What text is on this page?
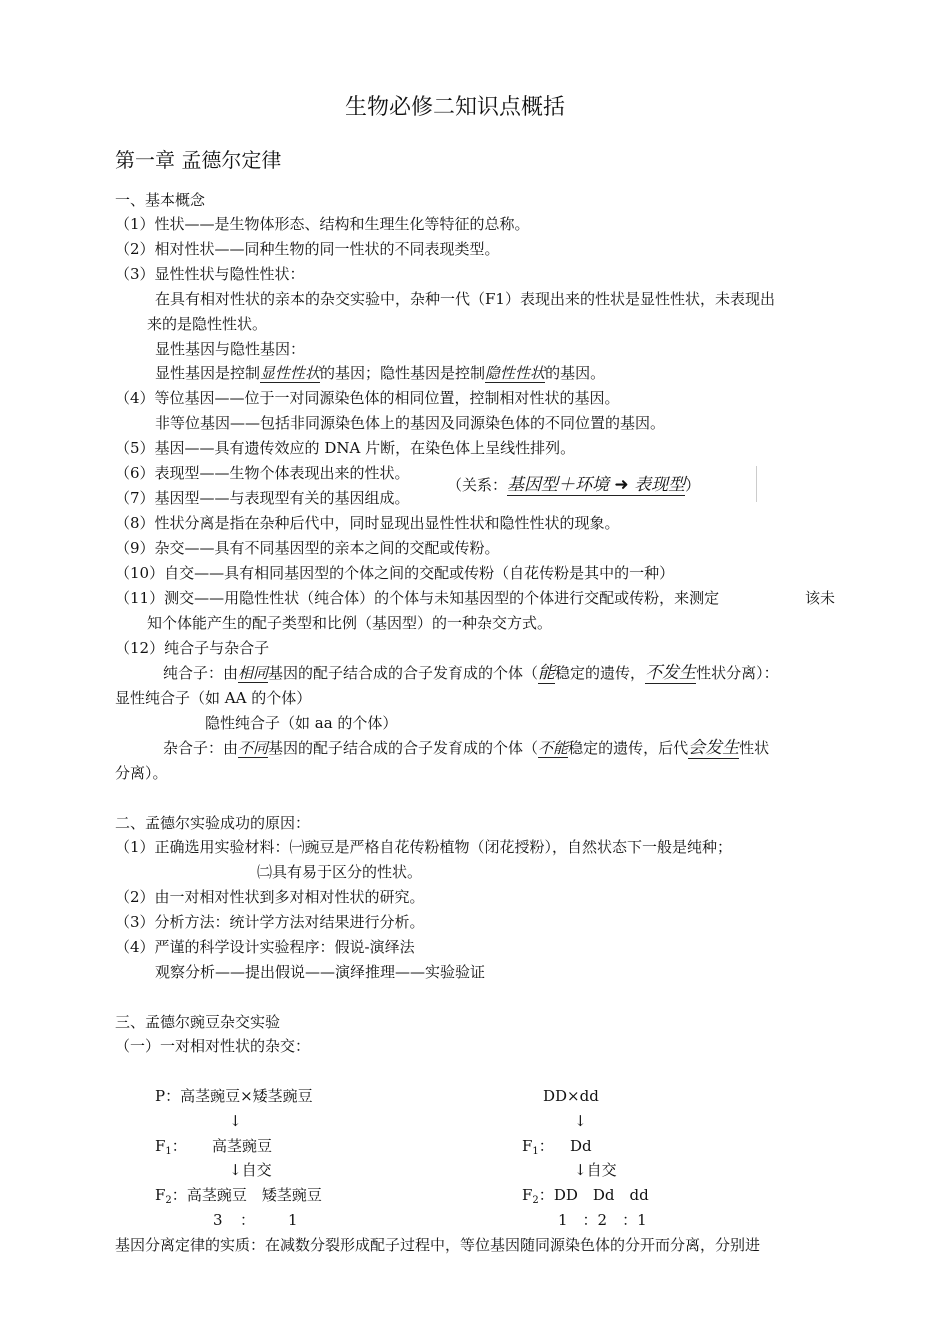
生物必修二知识点概括
第一章 孟德尔定律
一、基本概念
（1）性状——是生物体形态、结构和生理生化等特征的总称。
（2）相对性状——同种生物的同一性状的不同表现类型。
（3）显性性状与隐性性状：
在具有相对性状的亲本的杂交实验中，杂种一代（F1）表现出来的性状是显性性状，未表现出
来的是隐性性状。
显性基因与隐性基因：
显性基因是控制显性性状的基因；隐性基因是控制隐性性状的基因。
（4）等位基因——位于一对同源染色体的相同位置，控制相对性状的基因。
非等位基因——包括非同源染色体上的基因及同源染色体的不同位置的基因。
（5）基因——具有遗传效应的 DNA 片断，在染色体上呈线性排列。
（6）表现型——生物个体表现出来的性状。
（7）基因型——与表现型有关的基因组成。
（关系：基因型＋环境 ➜ 表现型）
（8）性状分离是指在杂种后代中，同时显现出显性性状和隐性性状的现象。
（9）杂交——具有不同基因型的亲本之间的交配或传粉。
（10）自交——具有相同基因型的个体之间的交配或传粉（自花传粉是其中的一种）
（11）测交——用隐性性状（纯合体）的个体与未知基因型的个体进行交配或传粉，来测定	该未
知个体能产生的配子类型和比例（基因型）的一种杂交方式。
（12）纯合子与杂合子
纯合子：由相同基因的配子结合成的合子发育成的个体（能稳定的遗传，不发生性状分离）：
显性纯合子（如 AA 的个体）
隐性纯合子（如 aa 的个体）
杂合子：由不同基因的配子结合成的合子发育成的个体（不能稳定的遗传，后代会发生性状
分离）。
二、孟德尔实验成功的原因：
（1）正确选用实验材料：㈠豌豆是严格自花传粉植物（闭花授粉），自然状态下一般是纯种；
㈡具有易于区分的性状。
（2）由一对相对性状到多对相对性状的研究。
（3）分析方法：统计学方法对结果进行分析。
（4）严谨的科学设计实验程序：假说-演绎法
观察分析——提出假说——演绎推理——实验验证
三、孟德尔豌豆杂交实验
（一）一对相对性状的杂交：
P：高茎豌豆×矮茎豌豆
↓
$F_1$： 高茎豌豆
↓自交
$F_2$：高茎豌豆　矮茎豌豆
3 ： 1
DD×dd
↓
$F_1$： Dd
↓自交
$F_2$：DD　Dd　dd
1　：2　：1
基因分离定律的实质：在减数分裂形成配子过程中，等位基因随同源染色体的分开而分离，分别进
